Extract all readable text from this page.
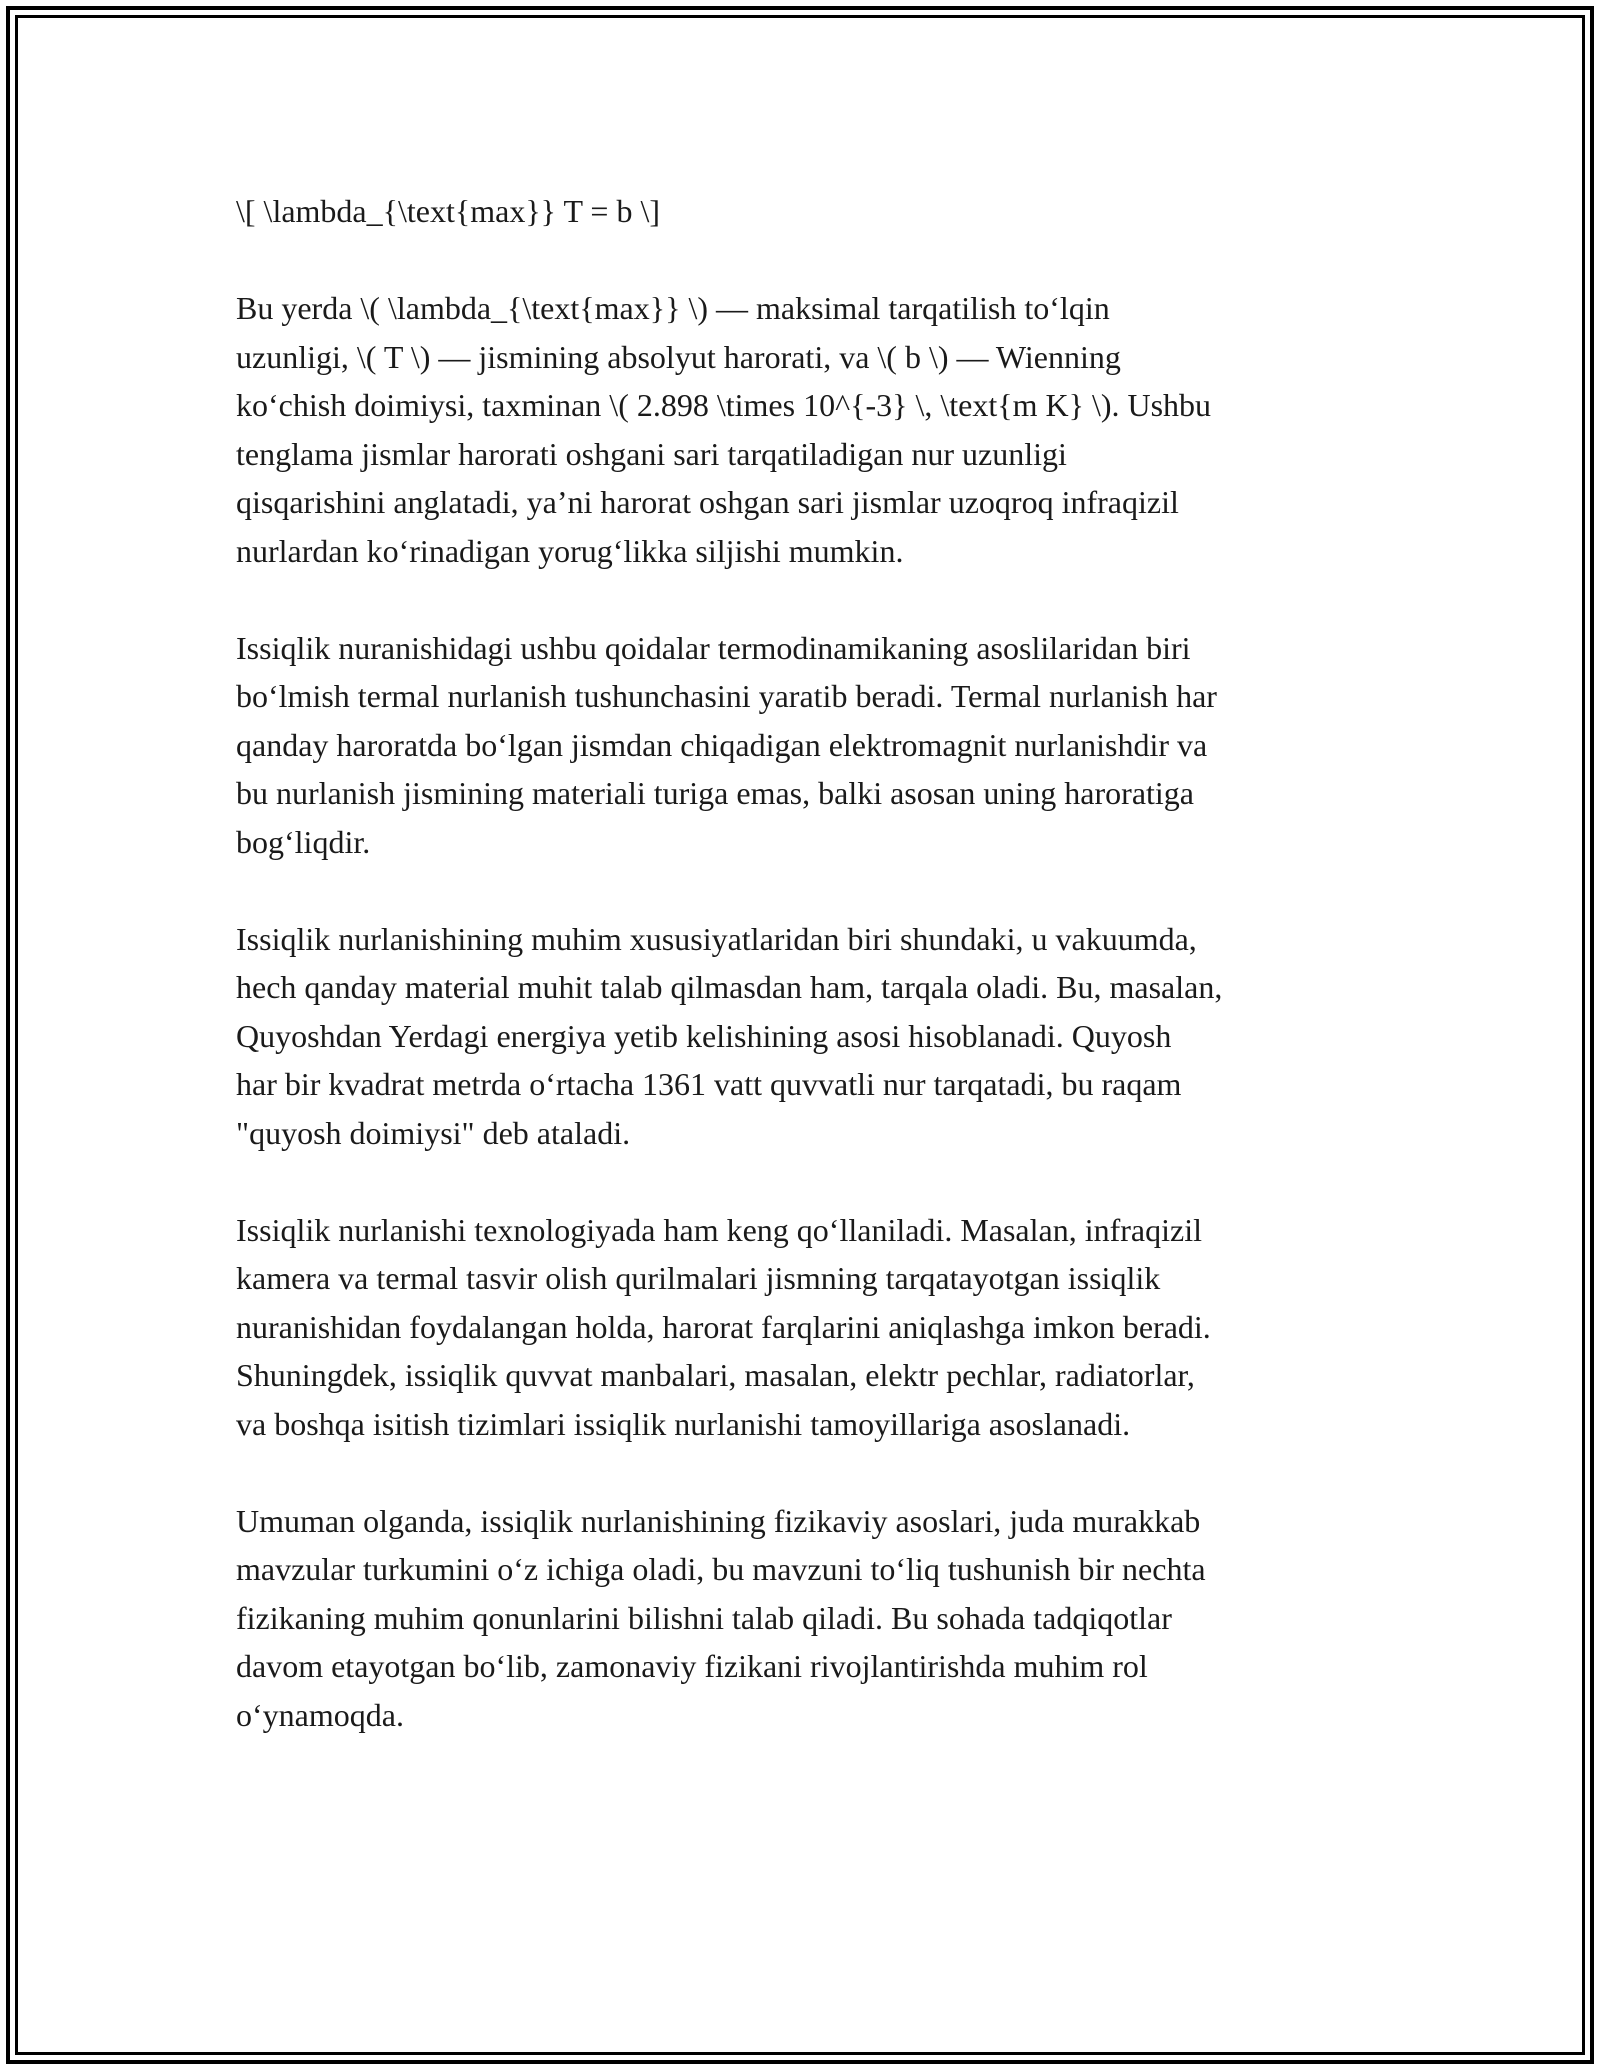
\[ \lambda_{\text{max}} T = b \]

Bu yerda \( \lambda_{\text{max}} \) — maksimal tarqatilish to‘lqin
uzunligi, \( T \) — jismining absolyut harorati, va \( b \) — Wienning
ko‘chish doimiysi, taxminan \( 2.898 \times 10^{-3} \, \text{m K} \). Ushbu
tenglama jismlar harorati oshgani sari tarqatiladigan nur uzunligi
qisqarishini anglatadi, ya’ni harorat oshgan sari jismlar uzoqroq infraqizil
nurlardan ko‘rinadigan yorug‘likka siljishi mumkin.

Issiqlik nuranishidagi ushbu qoidalar termodinamikaning asoslilaridan biri
bo‘lmish termal nurlanish tushunchasini yaratib beradi. Termal nurlanish har
qanday haroratda bo‘lgan jismdan chiqadigan elektromagnit nurlanishdir va
bu nurlanish jismining materiali turiga emas, balki asosan uning haroratiga
bog‘liqdir.

Issiqlik nurlanishining muhim xususiyatlaridan biri shundaki, u vakuumda,
hech qanday material muhit talab qilmasdan ham, tarqala oladi. Bu, masalan,
Quyoshdan Yerdagi energiya yetib kelishining asosi hisoblanadi. Quyosh
har bir kvadrat metrda o‘rtacha 1361 vatt quvvatli nur tarqatadi, bu raqam
"quyosh doimiysi" deb ataladi.

Issiqlik nurlanishi texnologiyada ham keng qo‘llaniladi. Masalan, infraqizil
kamera va termal tasvir olish qurilmalari jismning tarqatayotgan issiqlik
nuranishidan foydalangan holda, harorat farqlarini aniqlashga imkon beradi.
Shuningdek, issiqlik quvvat manbalari, masalan, elektr pechlar, radiatorlar,
va boshqa isitish tizimlari issiqlik nurlanishi tamoyillariga asoslanadi.

Umuman olganda, issiqlik nurlanishining fizikaviy asoslari, juda murakkab
mavzular turkumini o‘z ichiga oladi, bu mavzuni to‘liq tushunish bir nechta
fizikaning muhim qonunlarini bilishni talab qiladi. Bu sohada tadqiqotlar
davom etayotgan bo‘lib, zamonaviy fizikani rivojlantirishda muhim rol
o‘ynamoqda.
